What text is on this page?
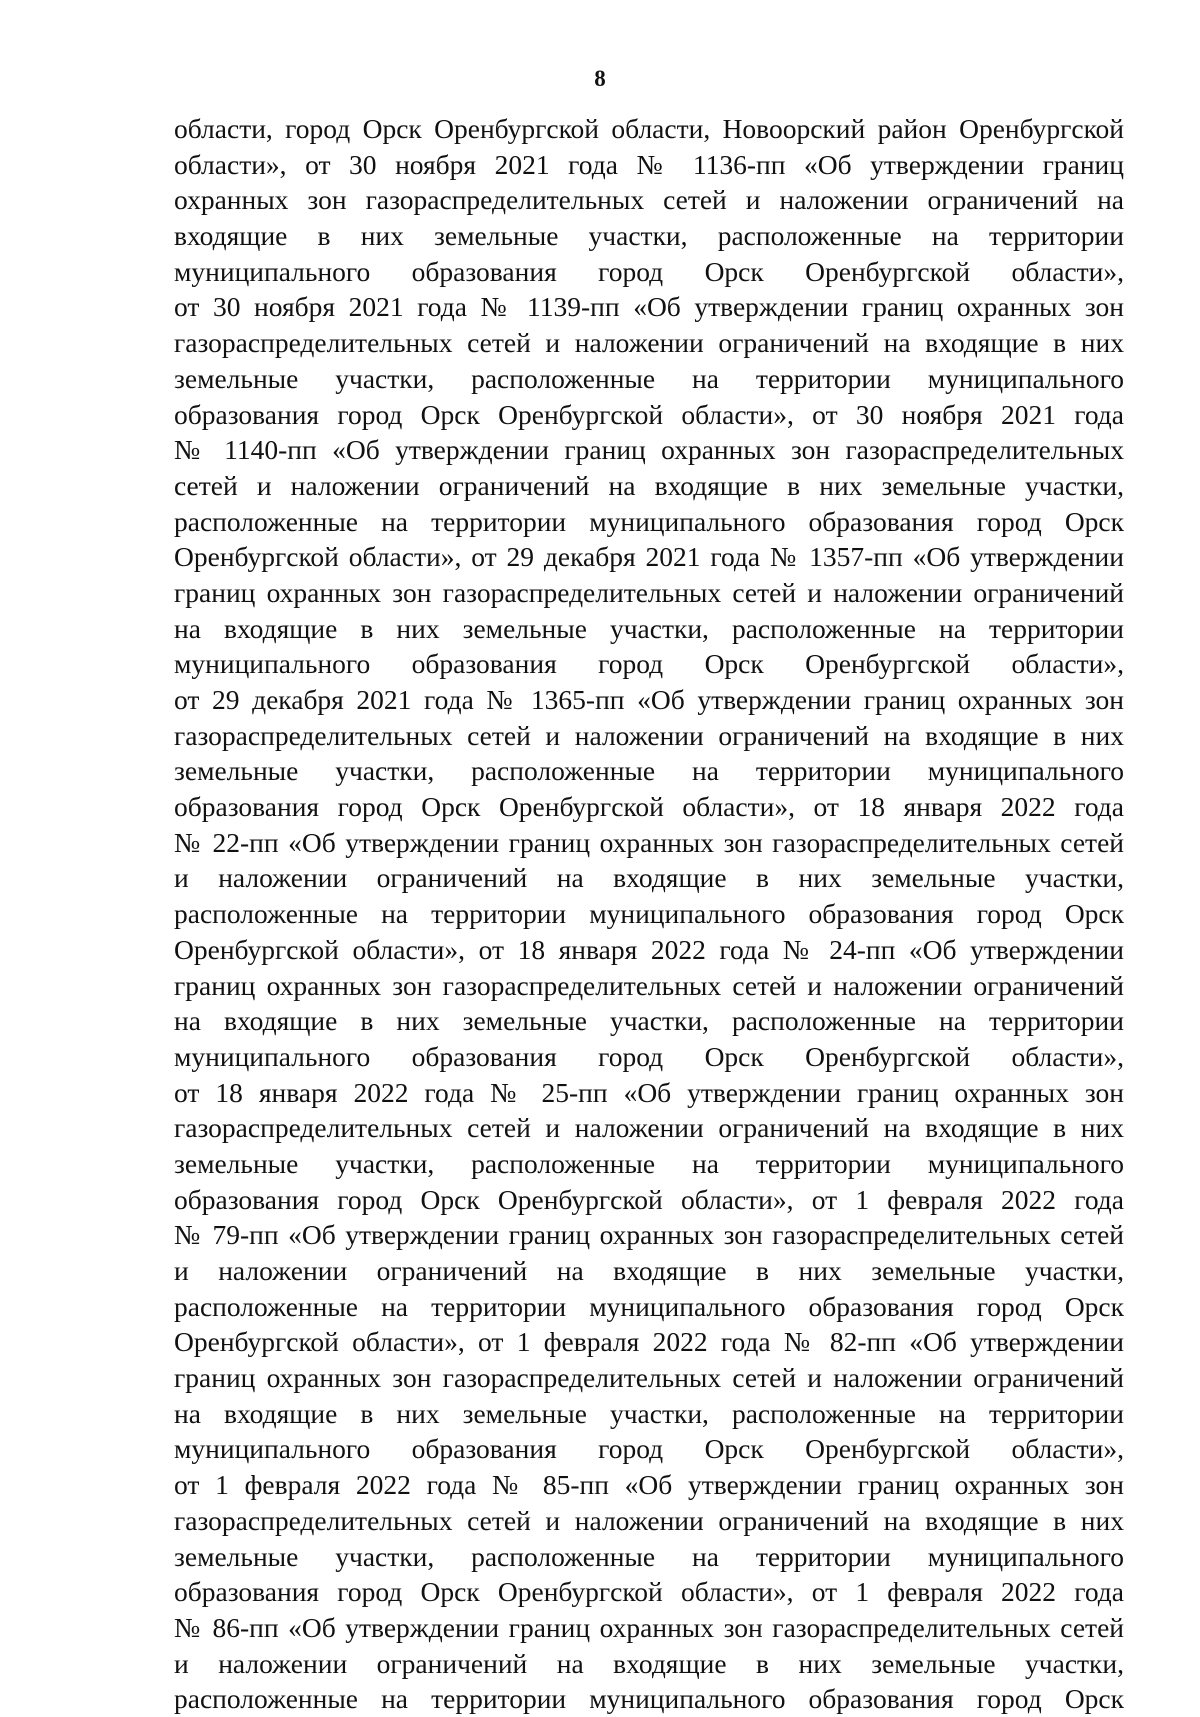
8
области, город Орск Оренбургской области, Новоорский район Оренбургской
области», от 30 ноября 2021 года № 1136-пп «Об утверждении границ
охранных зон газораспределительных сетей и наложении ограничений на
входящие в них земельные участки, расположенные на территории
муниципального образования город Орск Оренбургской области»,
от 30 ноября 2021 года № 1139-пп «Об утверждении границ охранных зон
газораспределительных сетей и наложении ограничений на входящие в них
земельные участки, расположенные на территории муниципального
образования город Орск Оренбургской области», от 30 ноября 2021 года
№ 1140-пп «Об утверждении границ охранных зон газораспределительных
сетей и наложении ограничений на входящие в них земельные участки,
расположенные на территории муниципального образования город Орск
Оренбургской области», от 29 декабря 2021 года № 1357-пп «Об утверждении
границ охранных зон газораспределительных сетей и наложении ограничений
на входящие в них земельные участки, расположенные на территории
муниципального образования город Орск Оренбургской области»,
от 29 декабря 2021 года № 1365-пп «Об утверждении границ охранных зон
газораспределительных сетей и наложении ограничений на входящие в них
земельные участки, расположенные на территории муниципального
образования город Орск Оренбургской области», от 18 января 2022 года
№ 22-пп «Об утверждении границ охранных зон газораспределительных сетей
и наложении ограничений на входящие в них земельные участки,
расположенные на территории муниципального образования город Орск
Оренбургской области», от 18 января 2022 года № 24-пп «Об утверждении
границ охранных зон газораспределительных сетей и наложении ограничений
на входящие в них земельные участки, расположенные на территории
муниципального образования город Орск Оренбургской области»,
от 18 января 2022 года № 25-пп «Об утверждении границ охранных зон
газораспределительных сетей и наложении ограничений на входящие в них
земельные участки, расположенные на территории муниципального
образования город Орск Оренбургской области», от 1 февраля 2022 года
№ 79-пп «Об утверждении границ охранных зон газораспределительных сетей
и наложении ограничений на входящие в них земельные участки,
расположенные на территории муниципального образования город Орск
Оренбургской области», от 1 февраля 2022 года № 82-пп «Об утверждении
границ охранных зон газораспределительных сетей и наложении ограничений
на входящие в них земельные участки, расположенные на территории
муниципального образования город Орск Оренбургской области»,
от 1 февраля 2022 года № 85-пп «Об утверждении границ охранных зон
газораспределительных сетей и наложении ограничений на входящие в них
земельные участки, расположенные на территории муниципального
образования город Орск Оренбургской области», от 1 февраля 2022 года
№ 86-пп «Об утверждении границ охранных зон газораспределительных сетей
и наложении ограничений на входящие в них земельные участки,
расположенные на территории муниципального образования город Орск
